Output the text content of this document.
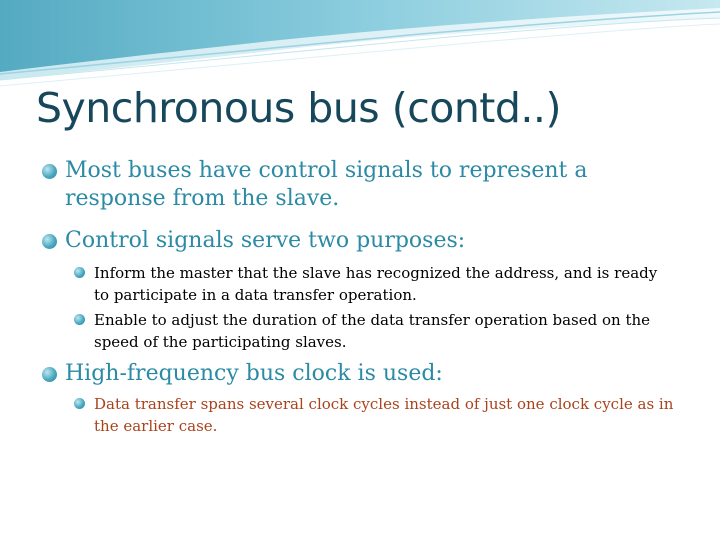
Synchronous bus (contd..)
Most buses have control signals to represent a response from the slave.
Control signals serve two purposes:
Inform the master that the slave has recognized the address, and is ready to participate in a data transfer operation.
Enable to adjust the duration of the data transfer operation based on the speed of the participating slaves.
High-frequency bus clock is used:
Data transfer spans several clock cycles instead of just one clock cycle as in the earlier case.
